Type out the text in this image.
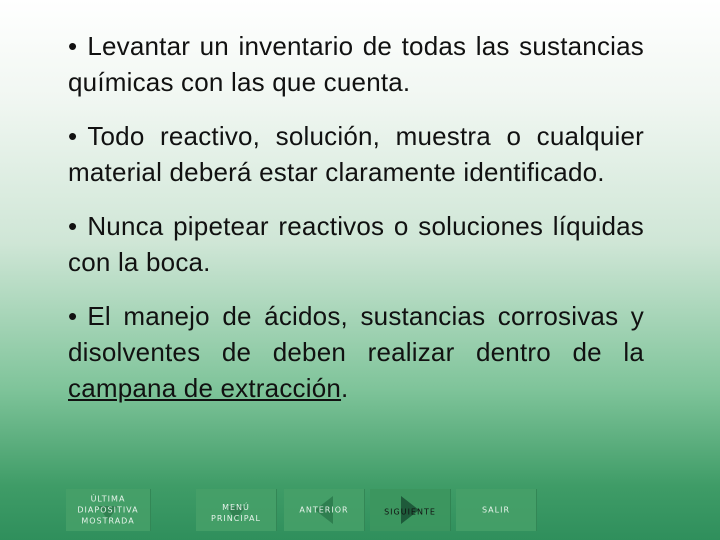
• Levantar un inventario de todas las sustancias químicas con las que cuenta.

• Todo reactivo, solución, muestra o cualquier material deberá estar claramente identificado.

• Nunca pipetear reactivos o soluciones líquidas con la boca.

• El manejo de ácidos, sustancias corrosivas y disolventes de deben realizar dentro de la campana de extracción.

ÚLTIMA DIAPOSITIVA MOSTRADA
MENÚ PRINCIPAL
ANTERIOR	SIGUIENTE	SALIR
